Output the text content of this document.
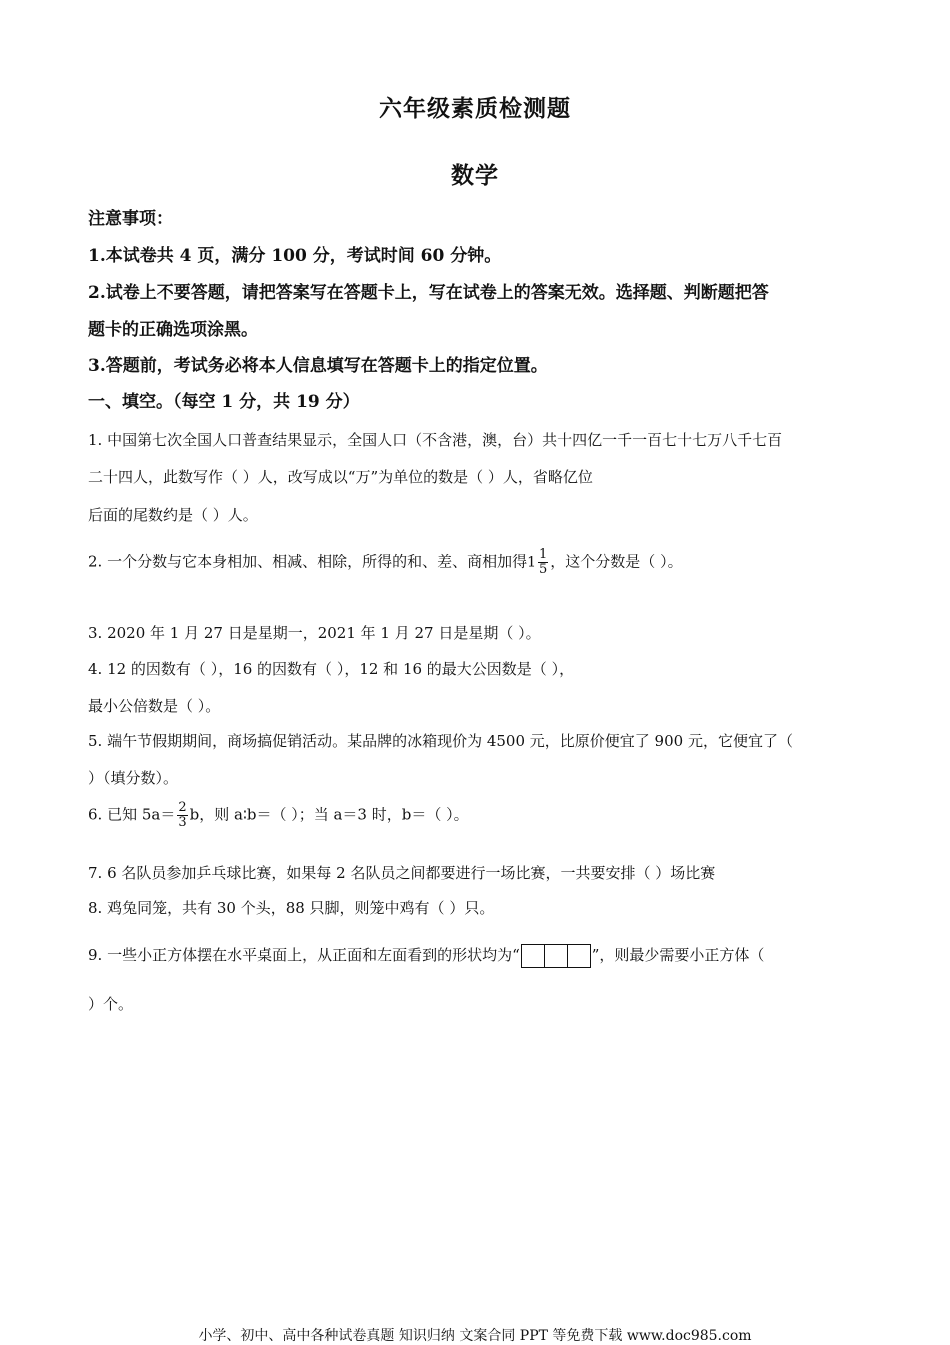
六年级素质检测题
数学
注意事项：
1.本试卷共 4 页，满分 100 分，考试时间 60 分钟。
2.试卷上不要答题，请把答案写在答题卡上，写在试卷上的答案无效。选择题、判断题把答
题卡的正确选项涂黑。
3.答题前，考试务必将本人信息填写在答题卡上的指定位置。
一、填空。（每空 1 分，共 19 分）
1. 中国第七次全国人口普查结果显示，全国人口（不含港，澳，台）共十四亿一千一百七十七万八千七百
二十四人，此数写作（ ）人，改写成以“万”为单位的数是（ ）人，省略亿位
后面的尾数约是（ ）人。
2. 一个分数与它本身相加、相减、相除，所得的和、差、商相加得$1 \frac{1}{5}$ ，这个分数是（ ）。
3. 2020 年 1 月 27 日是星期一，2021 年 1 月 27 日是星期（ ）。
4. 12 的因数有（ ），16 的因数有（ ），12 和 16 的最大公因数是（ ），
最小公倍数是（ ）。
5. 端午节假期期间，商场搞促销活动。某品牌的冰箱现价为 4500 元，比原价便宜了 900 元，它便宜了（
）（填分数）。
6. 已知 $5a= \frac{2}{3}$ b，则 a∶b＝（ ）；当 a＝3 时，b＝（ ）。
7. 6 名队员参加乒乓球比赛，如果每 2 名队员之间都要进行一场比赛，一共要安排（ ）场比赛
8. 鸡兔同笼，共有 30 个头，88 只脚，则笼中鸡有（ ）只。
9. 一些小正方体摆在水平桌面上，从正面和左面看到的形状均为“	”，则最少需要小正方体（
）个。
小学、初中、高中各种试卷真题 知识归纳 文案合同 PPT 等免费下载 www.doc985.com
